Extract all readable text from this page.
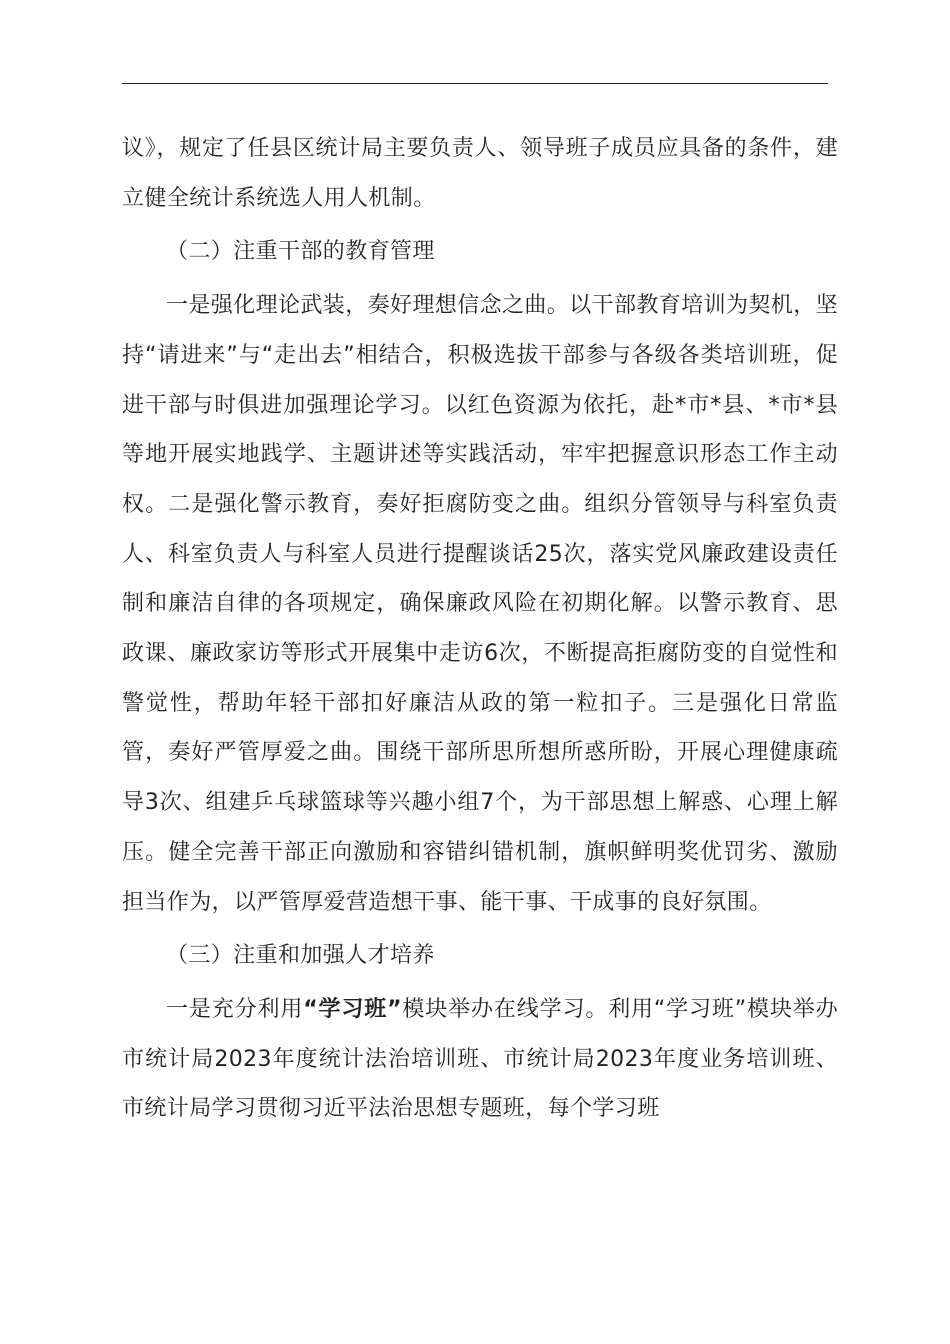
议》，规定了任县区统计局主要负责人、领导班子成员应具备的条件，建立健全统计系统选人用人机制。

（二）注重干部的教育管理

一是强化理论武装，奏好理想信念之曲。以干部教育培训为契机，坚持“请进来”与“走出去”相结合，积极选拔干部参与各级各类培训班，促进干部与时俱进加强理论学习。以红色资源为依托，赴*市*县、*市*县等地开展实地践学、主题讲述等实践活动，牢牢把握意识形态工作主动权。二是强化警示教育，奏好拒腐防变之曲。组织分管领导与科室负责人、科室负责人与科室人员进行提醒谈话25次，落实党风廉政建设责任制和廉洁自律的各项规定，确保廉政风险在初期化解。以警示教育、思政课、廉政家访等形式开展集中走访6次，不断提高拒腐防变的自觉性和警觉性，帮助年轻干部扣好廉洁从政的第一粒扣子。三是强化日常监管，奏好严管厚爱之曲。围绕干部所思所想所惑所盼，开展心理健康疏导3次、组建乒乓球篮球等兴趣小组7个，为干部思想上解惑、心理上解压。健全完善干部正向激励和容错纠错机制，旗帜鲜明奖优罚劣、激励担当作为，以严管厚爱营造想干事、能干事、干成事的良好氛围。

（三）注重和加强人才培养

一是充分利用“学习班”模块举办在线学习。利用“学习班”模块举办市统计局2023年度统计法治培训班、市统计局2023年度业务培训班、市统计局学习贯彻习近平法治思想专题班，每个学习班
